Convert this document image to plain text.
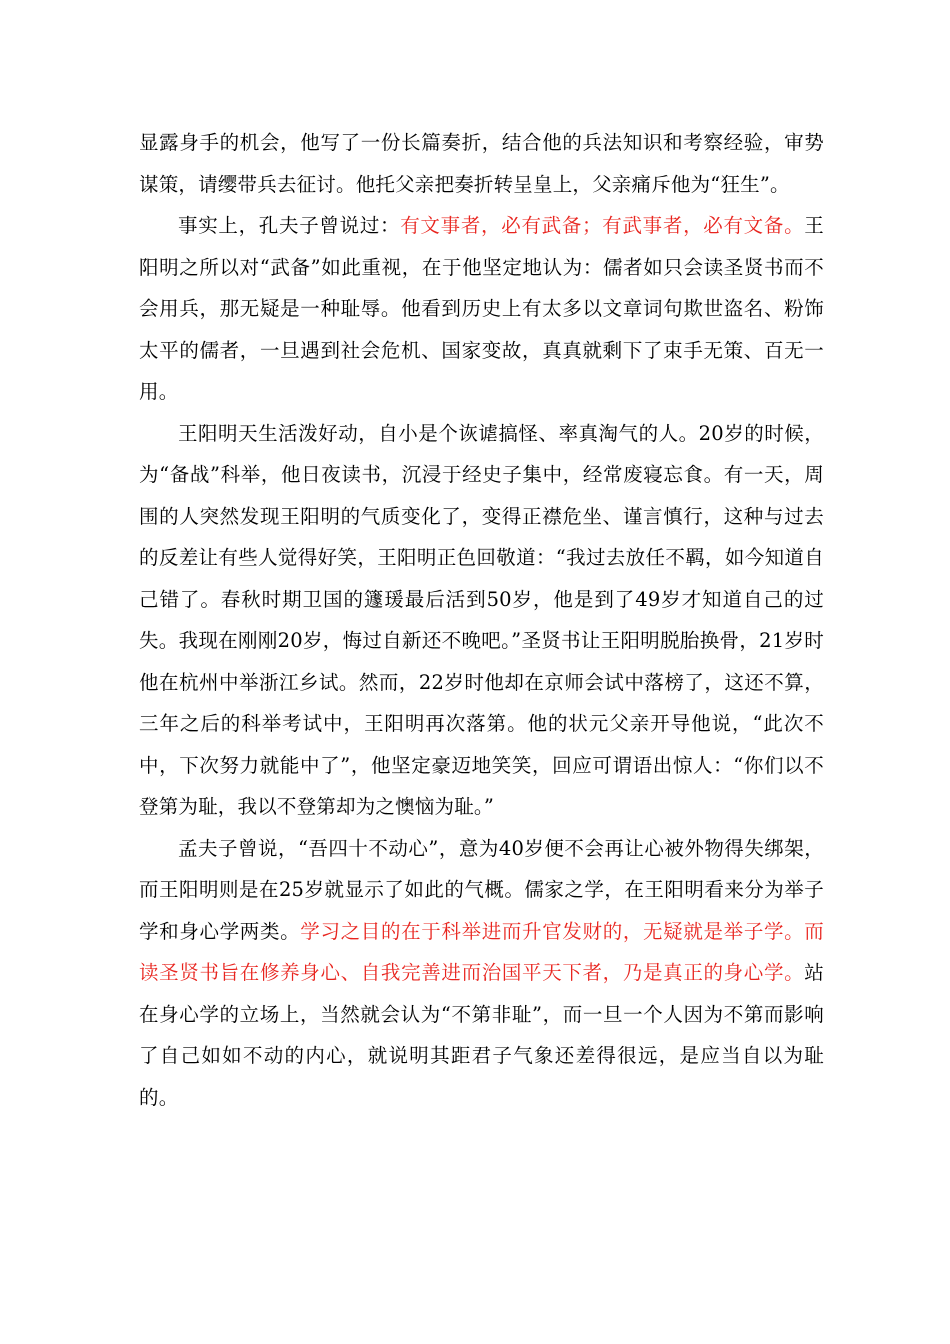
显露身手的机会，他写了一份长篇奏折，结合他的兵法知识和考察经验，审势谋策，请缨带兵去征讨。他托父亲把奏折转呈皇上，父亲痛斥他为“狂生”。

事实上，孔夫子曾说过：有文事者，必有武备；有武事者，必有文备。王阳明之所以对“武备”如此重视，在于他坚定地认为：儒者如只会读圣贤书而不会用兵，那无疑是一种耻辱。他看到历史上有太多以文章词句欺世盗名、粉饰太平的儒者，一旦遇到社会危机、国家变故，真真就剩下了束手无策、百无一用。

王阳明天生活泼好动，自小是个诙谑搞怪、率真淘气的人。20岁的时候，为“备战”科举，他日夜读书，沉浸于经史子集中，经常废寝忘食。有一天，周围的人突然发现王阳明的气质变化了，变得正襟危坐、谨言慎行，这种与过去的反差让有些人觉得好笑，王阳明正色回敬道：“我过去放任不羁，如今知道自己错了。春秋时期卫国的籧瑗最后活到50岁，他是到了49岁才知道自己的过失。我现在刚刚20岁，悔过自新还不晚吧。”圣贤书让王阳明脱胎换骨，21岁时他在杭州中举浙江乡试。然而，22岁时他却在京师会试中落榜了，这还不算，三年之后的科举考试中，王阳明再次落第。他的状元父亲开导他说，“此次不中，下次努力就能中了”，他坚定豪迈地笑笑，回应可谓语出惊人：“你们以不登第为耻，我以不登第却为之懊恼为耻。”

孟夫子曾说，“吾四十不动心”，意为40岁便不会再让心被外物得失绑架，而王阳明则是在25岁就显示了如此的气概。儒家之学，在王阳明看来分为举子学和身心学两类。学习之目的在于科举进而升官发财的，无疑就是举子学。而读圣贤书旨在修养身心、自我完善进而治国平天下者，乃是真正的身心学。站在身心学的立场上，当然就会认为“不第非耻”，而一旦一个人因为不第而影响了自己如如不动的内心，就说明其距君子气象还差得很远，是应当自以为耻的。
